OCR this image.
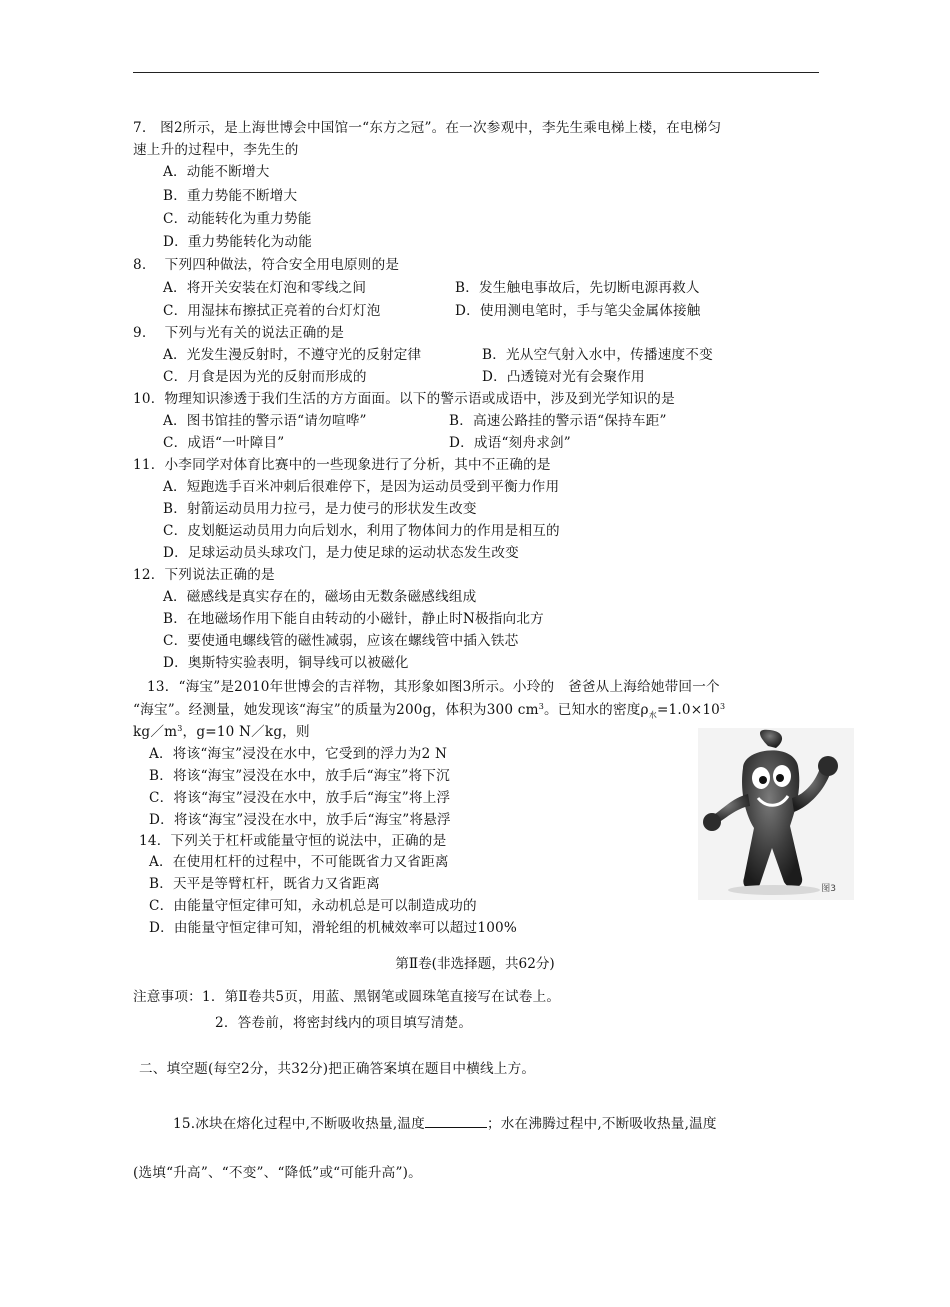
7.　图2所示，是上海世博会中国馆一“东方之冠”。在一次参观中，李先生乘电梯上楼，在电梯匀
速上升的过程中，李先生的
A．动能不断增大
B．重力势能不断增大
C．动能转化为重力势能
D．重力势能转化为动能
8.　 下列四种做法，符合安全用电原则的是
A．将开关安装在灯泡和零线之间	B．发生触电事故后，先切断电源再救人
C．用湿抹布擦拭正亮着的台灯灯泡	D．使用测电笔时，手与笔尖金属体接触
9.　 下列与光有关的说法正确的是
A．光发生漫反射时，不遵守光的反射定律	B．光从空气射入水中，传播速度不变
C．月食是因为光的反射而形成的	D．凸透镜对光有会聚作用
10．物理知识渗透于我们生活的方方面面。以下的警示语或成语中，涉及到光学知识的是
A．图书馆挂的警示语“请勿喧哗”	B．高速公路挂的警示语“保持车距”
C．成语“一叶障目”	D．成语“刻舟求剑”
11．小李同学对体育比赛中的一些现象进行了分析，其中不正确的是
A．短跑选手百米冲刺后很难停下，是因为运动员受到平衡力作用
B．射箭运动员用力拉弓，是力使弓的形状发生改变
C．皮划艇运动员用力向后划水，利用了物体间力的作用是相互的
D．足球运动员头球攻门，是力使足球的运动状态发生改变
12．下列说法正确的是
A．磁感线是真实存在的，磁场由无数条磁感线组成
B．在地磁场作用下能自由转动的小磁针，静止时N极指向北方
C．要使通电螺线管的磁性减弱，应该在螺线管中插入铁芯
D．奥斯特实验表明，铜导线可以被磁化
13．“海宝”是2010年世博会的吉祥物，其形象如图3所示。小玲的　爸爸从上海给她带回一个
“海宝”。经测量，她发现该“海宝”的质量为200g，体积为300 $cm^3$。已知水的密度$\rho_水=1.0\times 10^3$
$kg/m^3$，g=10 N／kg，则
A．将该“海宝”浸没在水中，它受到的浮力为2 N
B．将该“海宝”浸没在水中，放手后“海宝”将下沉
C．将该“海宝”浸没在水中，放手后“海宝”将上浮
D．将该“海宝”浸没在水中，放手后“海宝”将悬浮
14．下列关于杠杆或能量守恒的说法中，正确的是
A．在使用杠杆的过程中，不可能既省力又省距离
B．天平是等臂杠杆，既省力又省距离
C．由能量守恒定律可知，永动机总是可以制造成功的
D．由能量守恒定律可知，滑轮组的机械效率可以超过100%
图3
第Ⅱ卷(非选择题，共62分)
注意事项：1．第Ⅱ卷共5页，用蓝、黑钢笔或圆珠笔直接写在试卷上。
2．答卷前，将密封线内的项目填写清楚。
二、填空题(每空2分，共32分)把正确答案填在题目中横线上方。
15.冰块在熔化过程中,不断吸收热量,温度	；水在沸腾过程中,不断吸收热量,温度
(选填“升高”、“不变”、“降低”或“可能升高”)。
